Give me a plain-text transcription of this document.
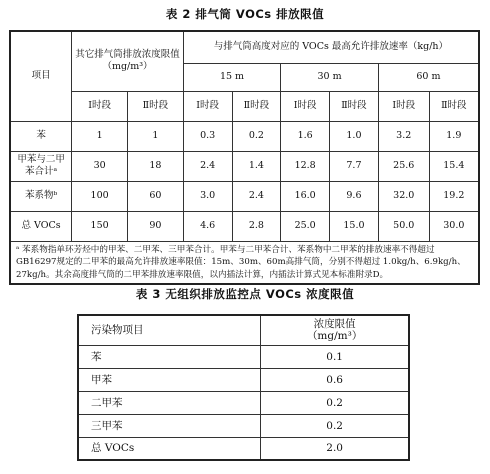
表 2 排气筒 VOCs 排放限值
项目	其它排气筒排放浓度限值
（mg/m³）		与排气筒高度对应的 VOCs 最高允许排放速率（kg/h）					
			15 m		30 m		60 m	
	Ⅰ时段	Ⅱ时段	Ⅰ时段	Ⅱ时段	Ⅰ时段	Ⅱ时段	Ⅰ时段	Ⅱ时段
苯	1	1	0.3	0.2	1.6	1.0	3.2	1.9
甲苯与二甲苯合计ᵃ	30	18	2.4	1.4	12.8	7.7	25.6	15.4
苯系物ᵇ	100	60	3.0	2.4	16.0	9.6	32.0	19.2
总 VOCs	150	90	4.6	2.8	25.0	15.0	50.0	30.0
ᵃ 苯系物指单环芳烃中的甲苯、二甲苯、三甲苯合计。甲苯与二甲苯合计、苯系物中二甲苯的排放速率不得超过GB16297规定的二甲苯的最高允许排放速率限值：15m、30m、60m高排气筒，分别不得超过 1.0kg/h、6.9kg/h、27kg/h。其余高度排气筒的二甲苯排放速率限值，以内插法计算，内插法计算式见本标准附录D。								
表 3 无组织排放监控点 VOCs 浓度限值
污染物项目	浓度限值
（mg/m³）

苯	0.1
甲苯	0.6
二甲苯	0.2
三甲苯	0.2
总 VOCs	2.0
